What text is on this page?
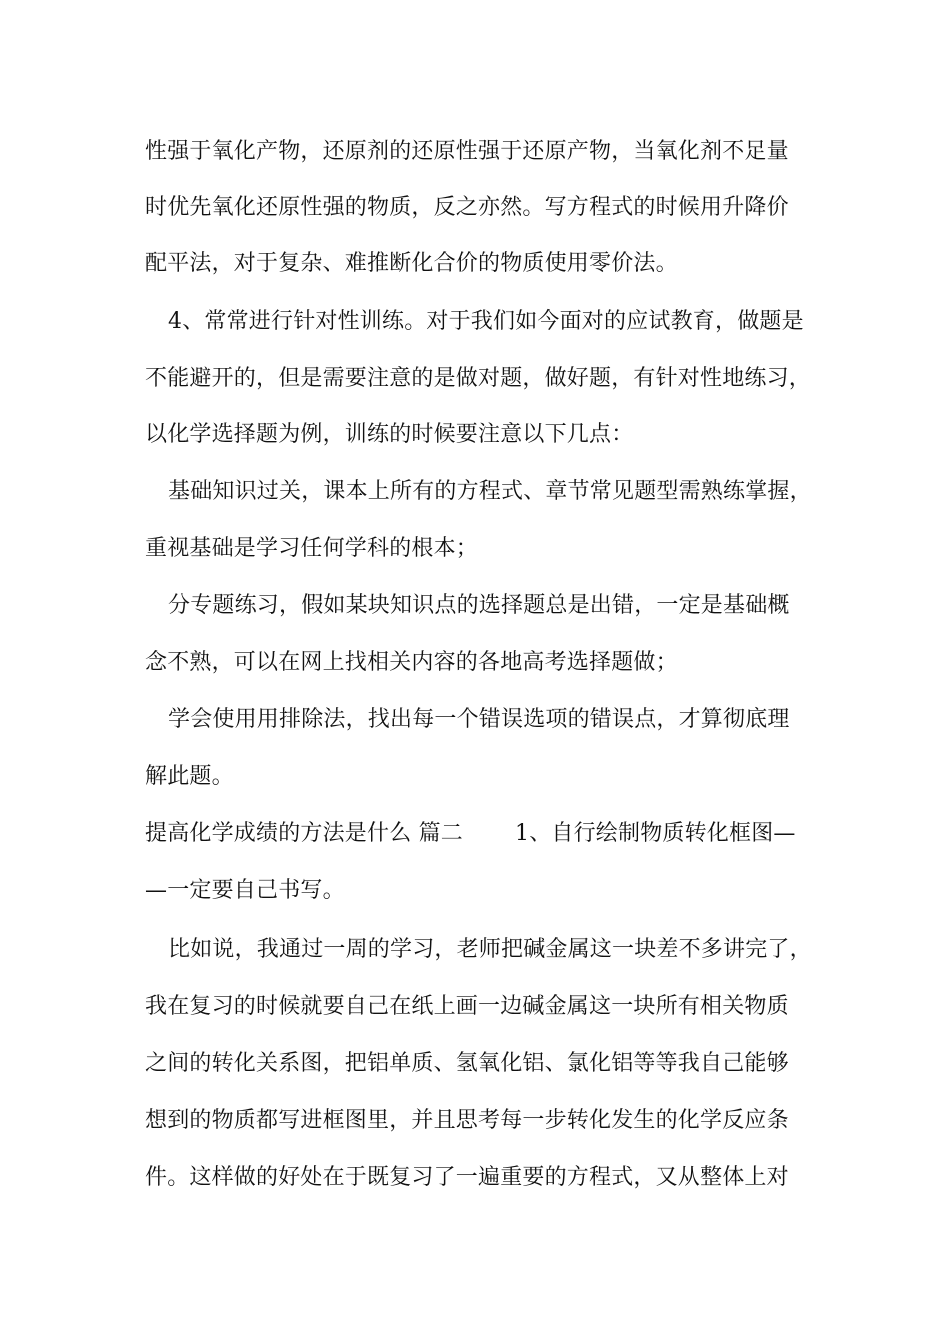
性强于氧化产物，还原剂的还原性强于还原产物，当氧化剂不足量
时优先氧化还原性强的物质，反之亦然。写方程式的时候用升降价
配平法，对于复杂、难推断化合价的物质使用零价法。
4、常常进行针对性训练。对于我们如今面对的应试教育，做题是
不能避开的，但是需要注意的是做对题，做好题，有针对性地练习，
以化学选择题为例，训练的时候要注意以下几点：
基础知识过关，课本上所有的方程式、章节常见题型需熟练掌握，
重视基础是学习任何学科的根本；
分专题练习，假如某块知识点的选择题总是出错，一定是基础概
念不熟，可以在网上找相关内容的各地高考选择题做；
学会使用用排除法，找出每一个错误选项的错误点，才算彻底理
解此题。
提高化学成绩的方法是什么 篇二 1、自行绘制物质转化框图—
—一定要自己书写。
比如说，我通过一周的学习，老师把碱金属这一块差不多讲完了，
我在复习的时候就要自己在纸上画一边碱金属这一块所有相关物质
之间的转化关系图，把铝单质、氢氧化铝、氯化铝等等我自己能够
想到的物质都写进框图里，并且思考每一步转化发生的化学反应条
件。这样做的好处在于既复习了一遍重要的方程式，又从整体上对
